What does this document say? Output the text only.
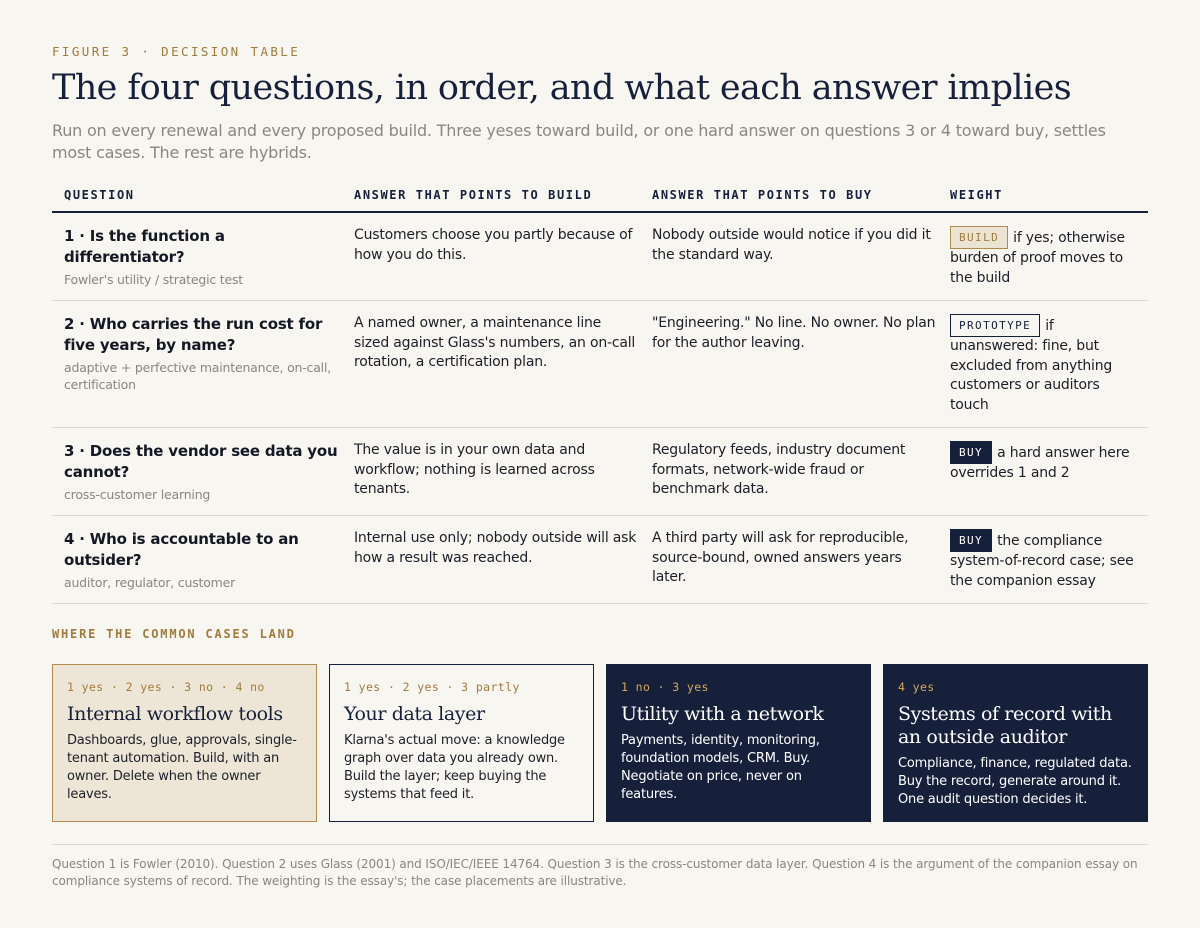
FIGURE 3 · DECISION TABLE
The four questions, in order, and what each answer implies

Run on every renewal and every proposed build. Three yeses toward build, or one hard answer on questions 3 or 4 toward buy, settles most cases. The rest are hybrids.

QUESTION	ANSWER THAT POINTS TO BUILD	ANSWER THAT POINTS TO BUY	WEIGHT

1 · Is the function a differentiator?
Fowler's utility / strategic test	Customers choose you partly because of how you do this.	Nobody outside would notice if you did it the standard way.	BUILD if yes; otherwise burden of proof moves to the build

2 · Who carries the run cost for five years, by name?
adaptive + perfective maintenance, on-call, certification	A named owner, a maintenance line sized against Glass's numbers, an on-call rotation, a certification plan.	"Engineering." No line. No owner. No plan for the author leaving.	PROTOTYPE if unanswered: fine, but excluded from anything customers or auditors touch

3 · Does the vendor see data you cannot?
cross-customer learning	The value is in your own data and workflow; nothing is learned across tenants.	Regulatory feeds, industry document formats, network-wide fraud or benchmark data.	BUY a hard answer here overrides 1 and 2

4 · Who is accountable to an outsider?
auditor, regulator, customer	Internal use only; nobody outside will ask how a result was reached.	A third party will ask for reproducible, source-bound, owned answers years later.	BUY the compliance system-of-record case; see the companion essay
WHERE THE COMMON CASES LAND
1 yes · 2 yes · 3 no · 4 no
Internal workflow tools
Dashboards, glue, approvals, single-tenant automation. Build, with an owner. Delete when the owner leaves.
1 yes · 2 yes · 3 partly
Your data layer
Klarna's actual move: a knowledge graph over data you already own. Build the layer; keep buying the systems that feed it.
1 no · 3 yes
Utility with a network
Payments, identity, monitoring, foundation models, CRM. Buy. Negotiate on price, never on features.
4 yes
Systems of record with an outside auditor
Compliance, finance, regulated data. Buy the record, generate around it. One audit question decides it.

Question 1 is Fowler (2010). Question 2 uses Glass (2001) and ISO/IEC/IEEE 14764. Question 3 is the cross-customer data layer. Question 4 is the argument of the companion essay on compliance systems of record. The weighting is the essay's; the case placements are illustrative.
